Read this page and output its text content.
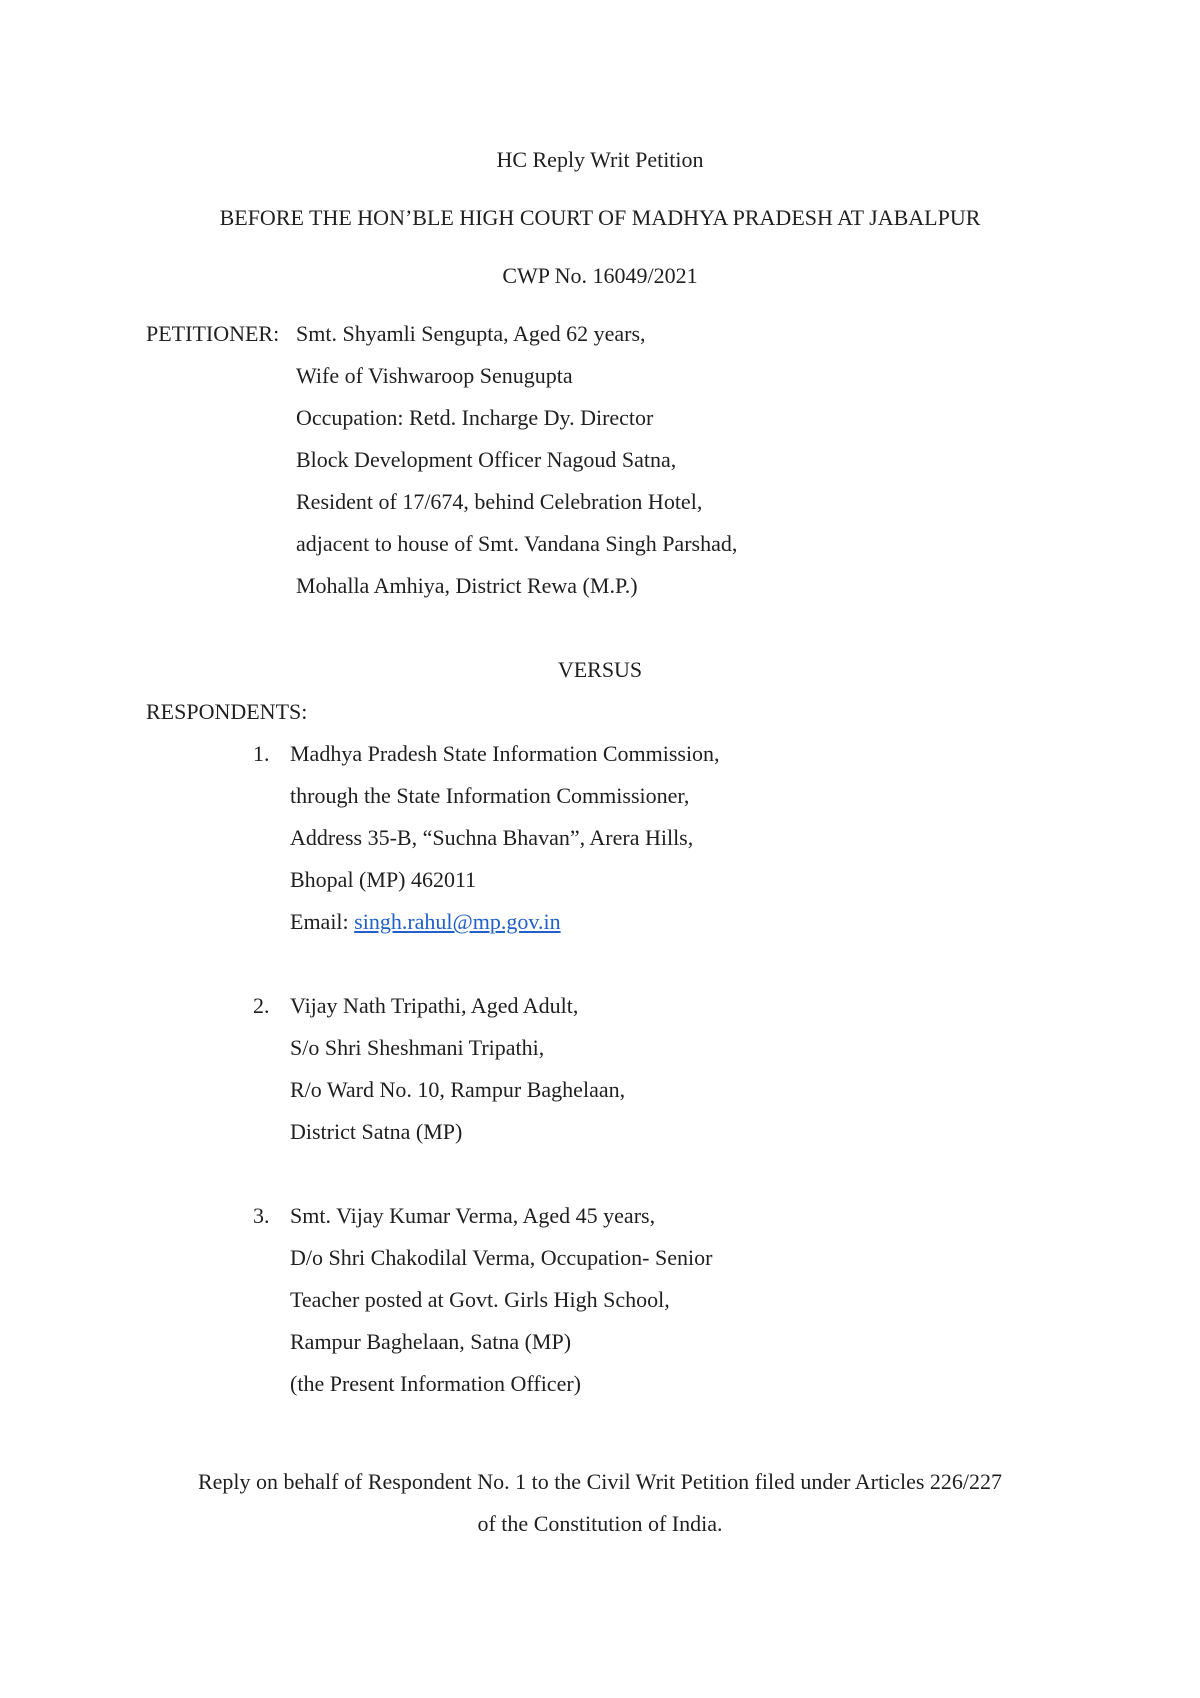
HC Reply Writ Petition
BEFORE THE HON’BLE HIGH COURT OF MADHYA PRADESH AT JABALPUR
CWP No. 16049/2021
PETITIONER: Smt. Shyamli Sengupta, Aged 62 years,
Wife of Vishwaroop Senugupta
Occupation: Retd. Incharge Dy. Director
Block Development Officer Nagoud Satna,
Resident of 17/674, behind Celebration Hotel,
adjacent to house of Smt. Vandana Singh Parshad,
Mohalla Amhiya, District Rewa (M.P.)
VERSUS
RESPONDENTS:
1. Madhya Pradesh State Information Commission,
through the State Information Commissioner,
Address 35-B, “Suchna Bhavan”, Arera Hills,
Bhopal (MP) 462011
Email: singh.rahul@mp.gov.in
2. Vijay Nath Tripathi, Aged Adult,
S/o Shri Sheshmani Tripathi,
R/o Ward No. 10, Rampur Baghelaan,
District Satna (MP)
3. Smt. Vijay Kumar Verma, Aged 45 years,
D/o Shri Chakodilal Verma, Occupation- Senior
Teacher posted at Govt. Girls High School,
Rampur Baghelaan, Satna (MP)
(the Present Information Officer)
Reply on behalf of Respondent No. 1 to the Civil Writ Petition filed under Articles 226/227
of the Constitution of India.
